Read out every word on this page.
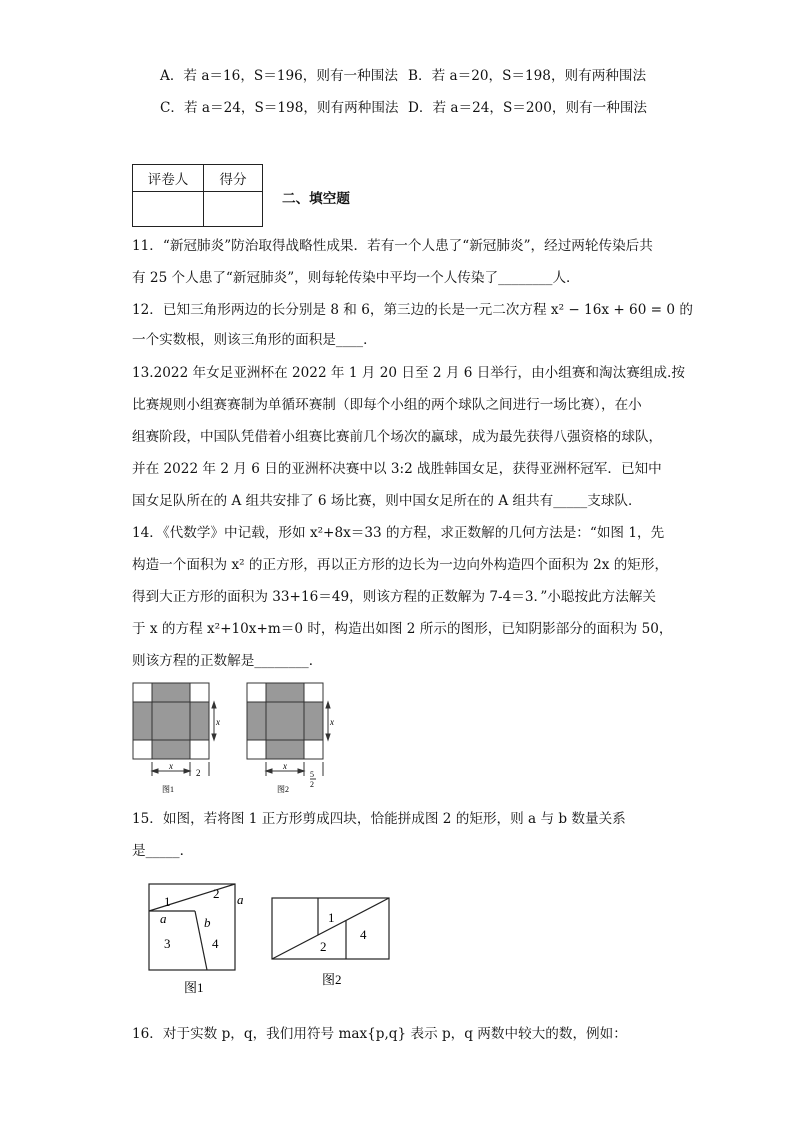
A．若 a＝16，S＝196，则有一种围法 B．若 a＝20，S＝198，则有两种围法
C．若 a＝24，S＝198，则有两种围法 D．若 a＝24，S＝200，则有一种围法
评卷人	得分

二、填空题
11．“新冠肺炎”防治取得战略性成果．若有一个人患了“新冠肺炎”，经过两轮传染后共
有 25 个人患了“新冠肺炎”，则每轮传染中平均一个人传染了________人．
12．已知三角形两边的长分别是 8 和 6，第三边的长是一元二次方程 x² − 16x + 60 = 0 的
一个实数根，则该三角形的面积是____．
13.2022 年女足亚洲杯在 2022 年 1 月 20 日至 2 月 6 日举行，由小组赛和淘汰赛组成.按
比赛规则小组赛赛制为单循环赛制（即每个小组的两个球队之间进行一场比赛），在小
组赛阶段，中国队凭借着小组赛比赛前几个场次的赢球，成为最先获得八强资格的球队，
并在 2022 年 2 月 6 日的亚洲杯决赛中以 3:2 战胜韩国女足，获得亚洲杯冠军．已知中
国女足队所在的 A 组共安排了 6 场比赛，则中国女足所在的 A 组共有_____支球队．
14．《代数学》中记载，形如 x²+8x＝33 的方程，求正数解的几何方法是：“如图 1，先
构造一个面积为 x² 的正方形，再以正方形的边长为一边向外构造四个面积为 2x 的矩形，
得到大正方形的面积为 33+16＝49，则该方程的正数解为 7-4＝3．”小聪按此方法解关
于 x 的方程 x²+10x+m＝0 时，构造出如图 2 所示的图形，已知阴影部分的面积为 50，
则该方程的正数解是________．
x
x
2
图1
x
x
5
2
图2
15．如图，若将图 1 正方形剪成四块，恰能拼成图 2 的矩形，则 a 与 b 数量关系
是_____．
1
2 a
a	b
3	4
图1
1
2
4
图2
16．对于实数 p，q，我们用符号 max{p,q} 表示 p，q 两数中较大的数，例如：
